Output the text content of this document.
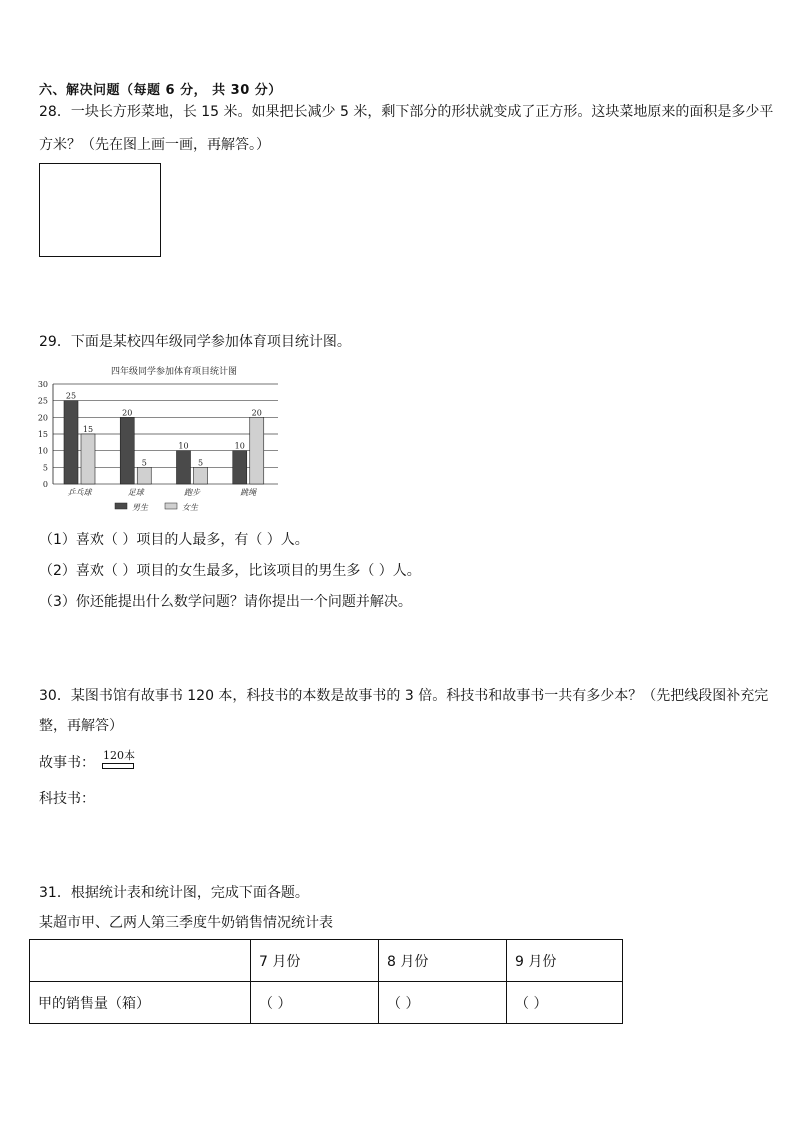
六、解决问题（每题 6 分， 共 30 分）
28．一块长方形菜地，长 15 米。如果把长减少 5 米，剩下部分的形状就变成了正方形。这块菜地原来的面积是多少平
方米？（先在图上画一画，再解答。）
29．下面是某校四年级同学参加体育项目统计图。
四年级同学参加体育项目统计图
0
5
10
15
20
25
30
25
15
乒乓球
20
5
足球
10
5
跑步
10
20
跳绳
男生	女生
（1）喜欢（ ）项目的人最多，有（ ）人。
（2）喜欢（ ）项目的女生最多，比该项目的男生多（ ）人。
（3）你还能提出什么数学问题？请你提出一个问题并解决。
30．某图书馆有故事书 120 本，科技书的本数是故事书的 3 倍。科技书和故事书一共有多少本？（先把线段图补充完
整，再解答）
故事书： 120本
科技书：
31．根据统计表和统计图，完成下面各题。
某超市甲、乙两人第三季度牛奶销售情况统计表
	7 月份	8 月份	9 月份
甲的销售量（箱）	（ ）	（ ）	（ ）
